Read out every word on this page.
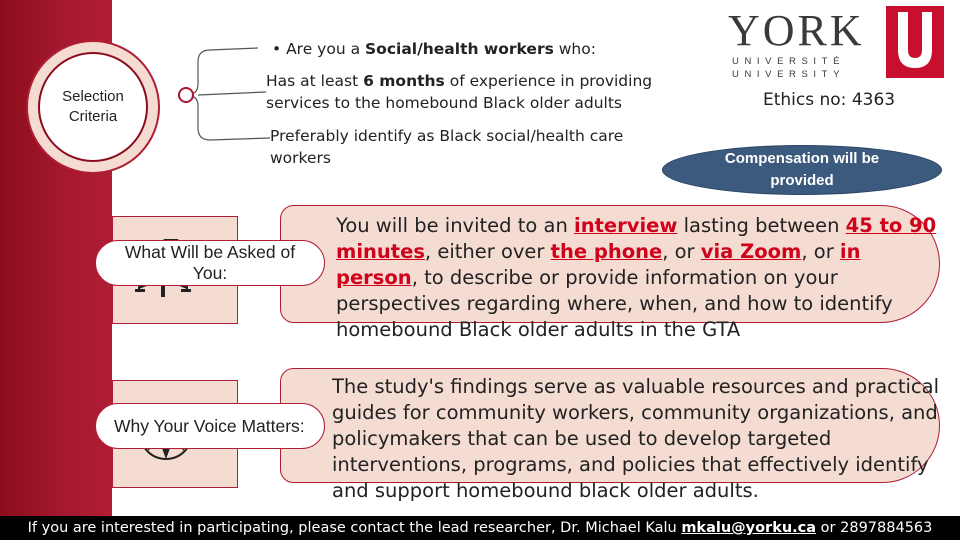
Selection
Criteria
• Are you a Social/health workers who:
Has at least 6 months of experience in providing services to the homebound Black older adults
Preferably identify as Black social/health care workers
YORK
UNIVERSITÉ
UNIVERSITY
Ethics no: 4363
Compensation will be provided
What Will be Asked of You:
You will be invited to an interview lasting between 45 to 90 minutes, either over the phone, or via Zoom, or in person, to describe or provide information on your perspectives regarding where, when, and how to identify homebound Black older adults in the GTA
Why Your Voice Matters:
The study's findings serve as valuable resources and practical guides for community workers, community organizations, and policymakers that can be used to develop targeted interventions, programs, and policies that effectively identify and support homebound black older adults.
If you are interested in participating, please contact the lead researcher, Dr. Michael Kalu mkalu@yorku.ca or 2897884563
